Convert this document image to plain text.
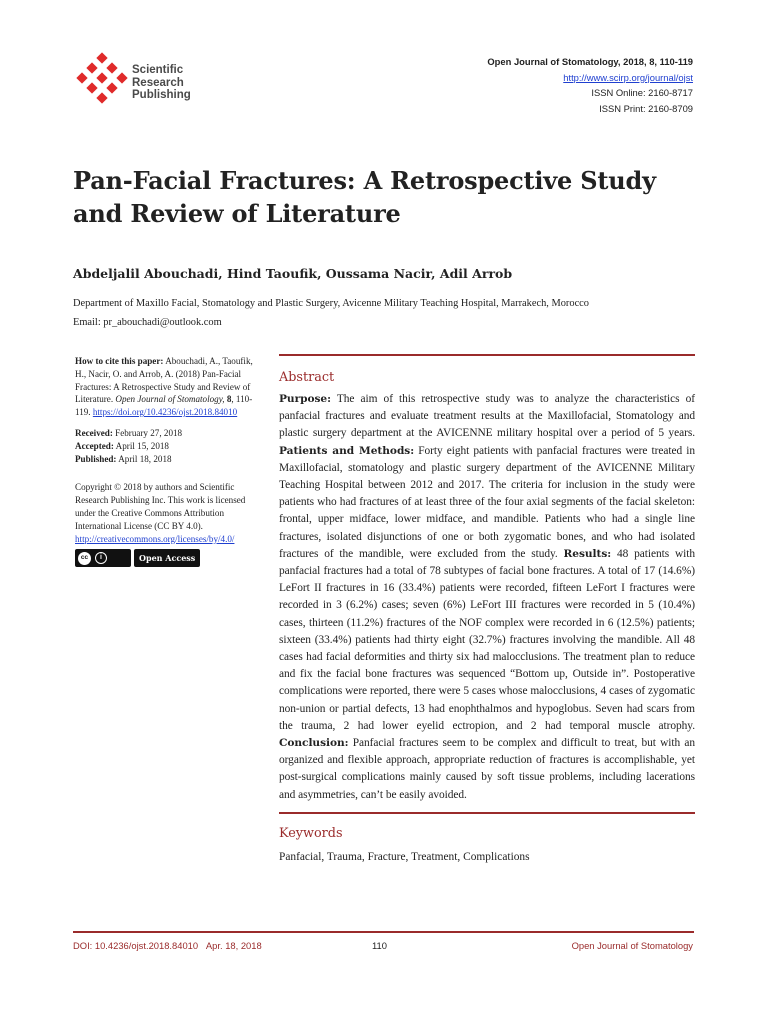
Scientific
Research
Publishing
Open Journal of Stomatology, 2018, 8, 110-119
http://www.scirp.org/journal/ojst
ISSN Online: 2160-8717
ISSN Print: 2160-8709
Pan-Facial Fractures: A Retrospective Study
and Review of Literature
Abdeljalil Abouchadi, Hind Taoufik, Oussama Nacir, Adil Arrob
Department of Maxillo Facial, Stomatology and Plastic Surgery, Avicenne Military Teaching Hospital, Marrakech, Morocco
Email: pr_abouchadi@outlook.com
How to cite this paper: Abouchadi, A., Taoufik, H., Nacir, O. and Arrob, A. (2018) Pan-Facial Fractures: A Retrospective Study and Review of Literature. Open Journal of Stomatology, 8, 110-119. https://doi.org/10.4236/ojst.2018.84010
Received: February 27, 2018
Accepted: April 15, 2018
Published: April 18, 2018
Copyright © 2018 by authors and Scientific Research Publishing Inc. This work is licensed under the Creative Commons Attribution International License (CC BY 4.0).
http://creativecommons.org/licenses/by/4.0/
cc	i	Open Access
Abstract
Purpose: The aim of this retrospective study was to analyze the characteristics of panfacial fractures and evaluate treatment results at the Maxillofacial, Stomatology and plastic surgery department at the AVICENNE military hospital over a period of 5 years. Patients and Methods: Forty eight patients with panfacial fractures were treated in Maxillofacial, stomatology and plastic surgery department of the AVICENNE Military Teaching Hospital between 2012 and 2017. The criteria for inclusion in the study were patients who had fractures of at least three of the four axial segments of the facial skeleton: frontal, upper midface, lower midface, and mandible. Patients who had a single line fractures, isolated disjunctions of one or both zygomatic bones, and who had isolated fractures of the mandible, were excluded from the study. Results: 48 patients with panfacial fractures had a total of 78 subtypes of facial bone fractures. A total of 17 (14.6%) LeFort II fractures in 16 (33.4%) patients were recorded, fifteen LeFort I fractures were recorded in 3 (6.2%) cases; seven (6%) LeFort III fractures were recorded in 5 (10.4%) cases, thirteen (11.2%) fractures of the NOF complex were recorded in 6 (12.5%) patients; sixteen (33.4%) patients had thirty eight (32.7%) fractures involving the mandible. All 48 cases had facial deformities and thirty six had malocclusions. The treatment plan to reduce and fix the facial bone fractures was sequenced “Bottom up, Outside in”. Postoperative complications were reported, there were 5 cases whose malocclusions, 4 cases of zygomatic non-union or partial defects, 13 had enophthalmos and hypoglobus. Seven had scars from the trauma, 2 had lower eyelid ectropion, and 2 had temporal muscle atrophy. Conclusion: Panfacial fractures seem to be complex and difficult to treat, but with an organized and flexible approach, appropriate reduction of fractures is accomplishable, yet post-surgical complications mainly caused by soft tissue problems, including lacerations and asymmetries, can’t be easily avoided.
Keywords
Panfacial, Trauma, Fracture, Treatment, Complications
DOI: 10.4236/ojst.2018.84010 Apr. 18, 2018	110	Open Journal of Stomatology
